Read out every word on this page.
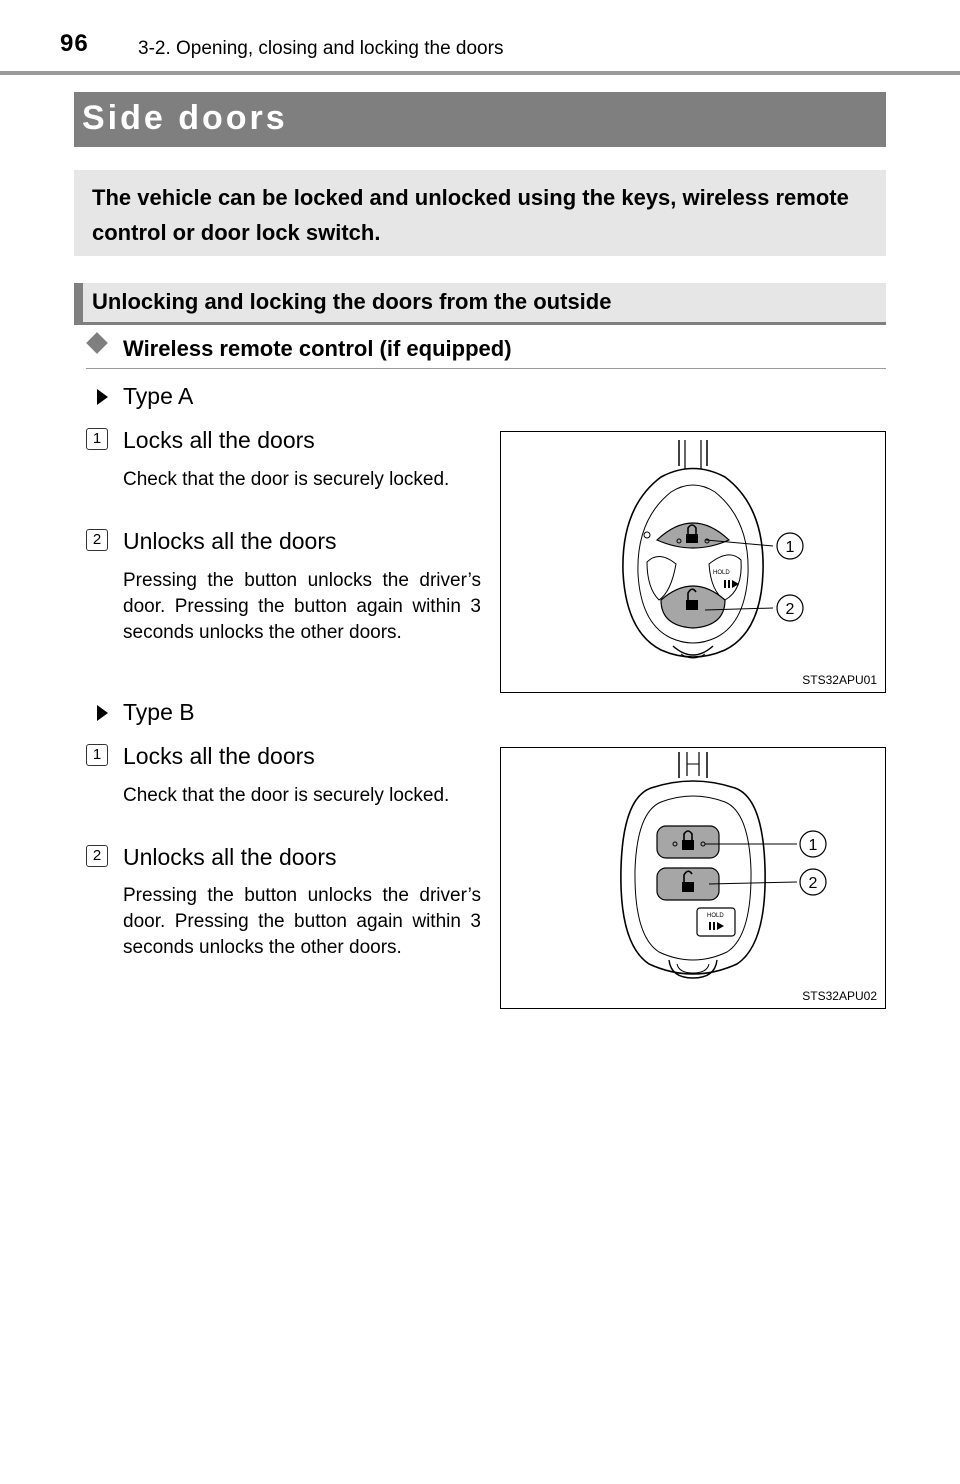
96	3-2. Opening, closing and locking the doors
Side doors
The vehicle can be locked and unlocked using the keys, wireless remote control or door lock switch.
Unlocking and locking the doors from the outside
Wireless remote control (if equipped)
Type A
1 Locks all the doors
Check that the door is securely locked.
2 Unlocks all the doors
Pressing the button unlocks the driver’s door. Pressing the button again within 3 seconds unlocks the other doors.
HOLD
1
2
STS32APU01
Type B
1 Locks all the doors
Check that the door is securely locked.
2 Unlocks all the doors
Pressing the button unlocks the driver’s door. Pressing the button again within 3 seconds unlocks the other doors.
HOLD
1
2
STS32APU02
